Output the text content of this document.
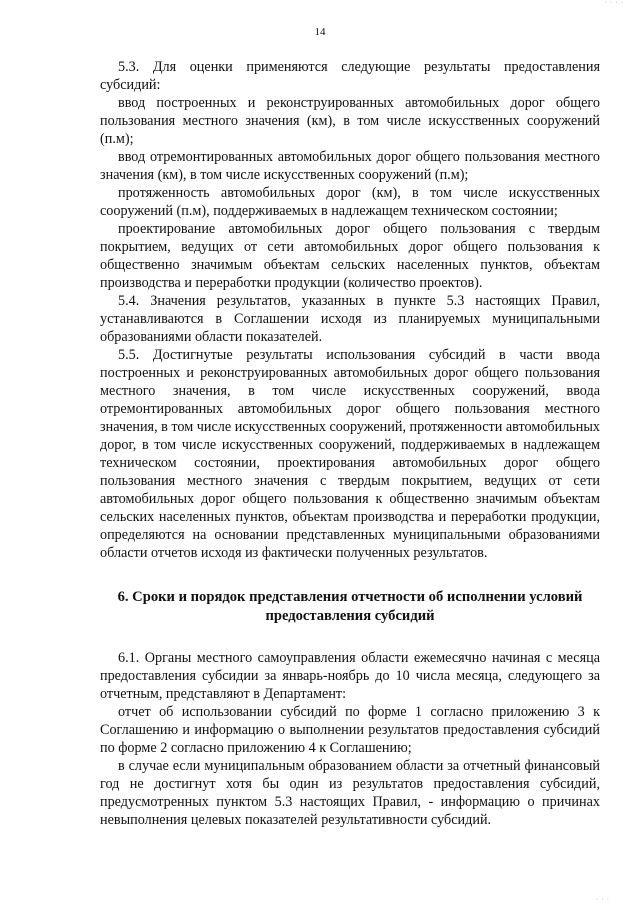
· · · ·
14

5.3. Для оценки применяются следующие результаты предоставления субсидий:

ввод построенных и реконструированных автомобильных дорог общего пользования местного значения (км), в том числе искусственных сооружений (п.м);

ввод отремонтированных автомобильных дорог общего пользования местного значения (км), в том числе искусственных сооружений (п.м);

протяженность автомобильных дорог (км), в том числе искусственных сооружений (п.м), поддерживаемых в надлежащем техническом состоянии;

проектирование автомобильных дорог общего пользования с твердым покрытием, ведущих от сети автомобильных дорог общего пользования к общественно значимым объектам сельских населенных пунктов, объектам производства и переработки продукции (количество проектов).

5.4. Значения результатов, указанных в пункте 5.3 настоящих Правил, устанавливаются в Соглашении исходя из планируемых муниципальными образованиями области показателей.

5.5. Достигнутые результаты использования субсидий в части ввода построенных и реконструированных автомобильных дорог общего пользования местного значения, в том числе искусственных сооружений, ввода отремонтированных автомобильных дорог общего пользования местного значения, в том числе искусственных сооружений, протяженности автомобильных дорог, в том числе искусственных сооружений, поддерживаемых в надлежащем техническом состоянии, проектирования автомобильных дорог общего пользования местного значения с твердым покрытием, ведущих от сети автомобильных дорог общего пользования к общественно значимым объектам сельских населенных пунктов, объектам производства и переработки продукции, определяются на основании представленных муниципальными образованиями области отчетов исходя из фактически полученных результатов.

6. Сроки и порядок представления отчетности об исполнении условий предоставления субсидий

6.1. Органы местного самоуправления области ежемесячно начиная с месяца предоставления субсидии за январь-ноябрь до 10 числа месяца, следующего за отчетным, представляют в Департамент:

отчет об использовании субсидий по форме 1 согласно приложению 3 к Соглашению и информацию о выполнении результатов предоставления субсидий по форме 2 согласно приложению 4 к Соглашению;

в случае если муниципальным образованием области за отчетный финансовый год не достигнут хотя бы один из результатов предоставления субсидий, предусмотренных пунктом 5.3 настоящих Правил, - информацию о причинах невыполнения целевых показателей результативности субсидий.

· · ·
